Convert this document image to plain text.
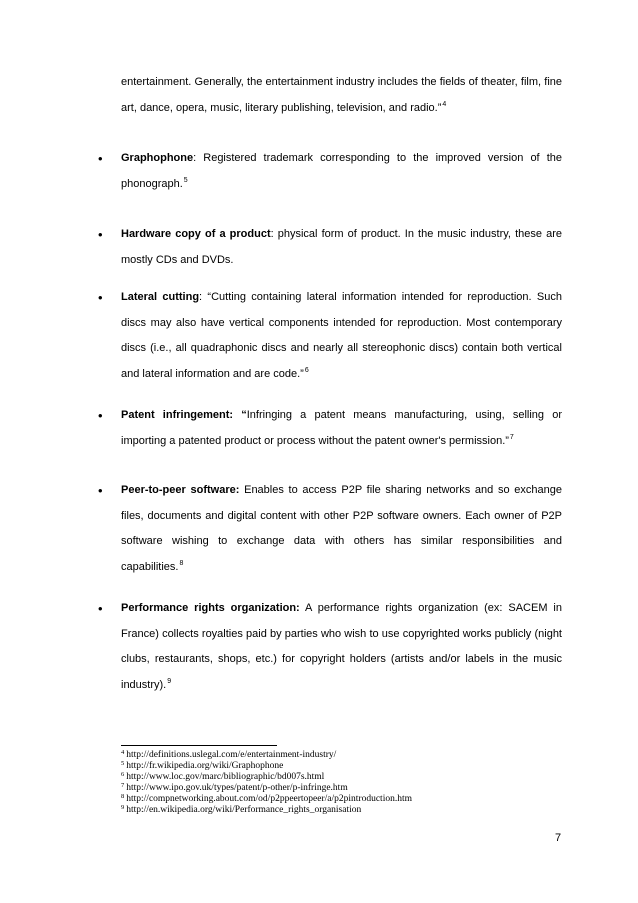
entertainment. Generally, the entertainment industry includes the fields of theater, film, fine art, dance, opera, music, literary publishing, television, and radio.”$^4$

• Graphophone: Registered trademark corresponding to the improved version of the phonograph.$^5$
• Hardware copy of a product: physical form of product. In the music industry, these are mostly CDs and DVDs.
• Lateral cutting: “Cutting containing lateral information intended for reproduction. Such discs may also have vertical components intended for reproduction. Most contemporary discs (i.e., all quadraphonic discs and nearly all stereophonic discs) contain both vertical and lateral information and are code.”$^6$
• Patent infringement: “Infringing a patent means manufacturing, using, selling or importing a patented product or process without the patent owner's permission.”$^7$
• Peer-to-peer software: Enables to access P2P file sharing networks and so exchange files, documents and digital content with other P2P software owners. Each owner of P2P software wishing to exchange data with others has similar responsibilities and capabilities.$^8$
• Performance rights organization: A performance rights organization (ex: SACEM in France) collects royalties paid by parties who wish to use copyrighted works publicly (night clubs, restaurants, shops, etc.) for copyright holders (artists and/or labels in the music industry).$^9$
$^4$ http://definitions.uslegal.com/e/entertainment-industry/
$^5$ http://fr.wikipedia.org/wiki/Graphophone
$^6$ http://www.loc.gov/marc/bibliographic/bd007s.html
$^7$ http://www.ipo.gov.uk/types/patent/p-other/p-infringe.htm
$^8$ http://compnetworking.about.com/od/p2ppeertopeer/a/p2pintroduction.htm
$^9$ http://en.wikipedia.org/wiki/Performance_rights_organisation
7
